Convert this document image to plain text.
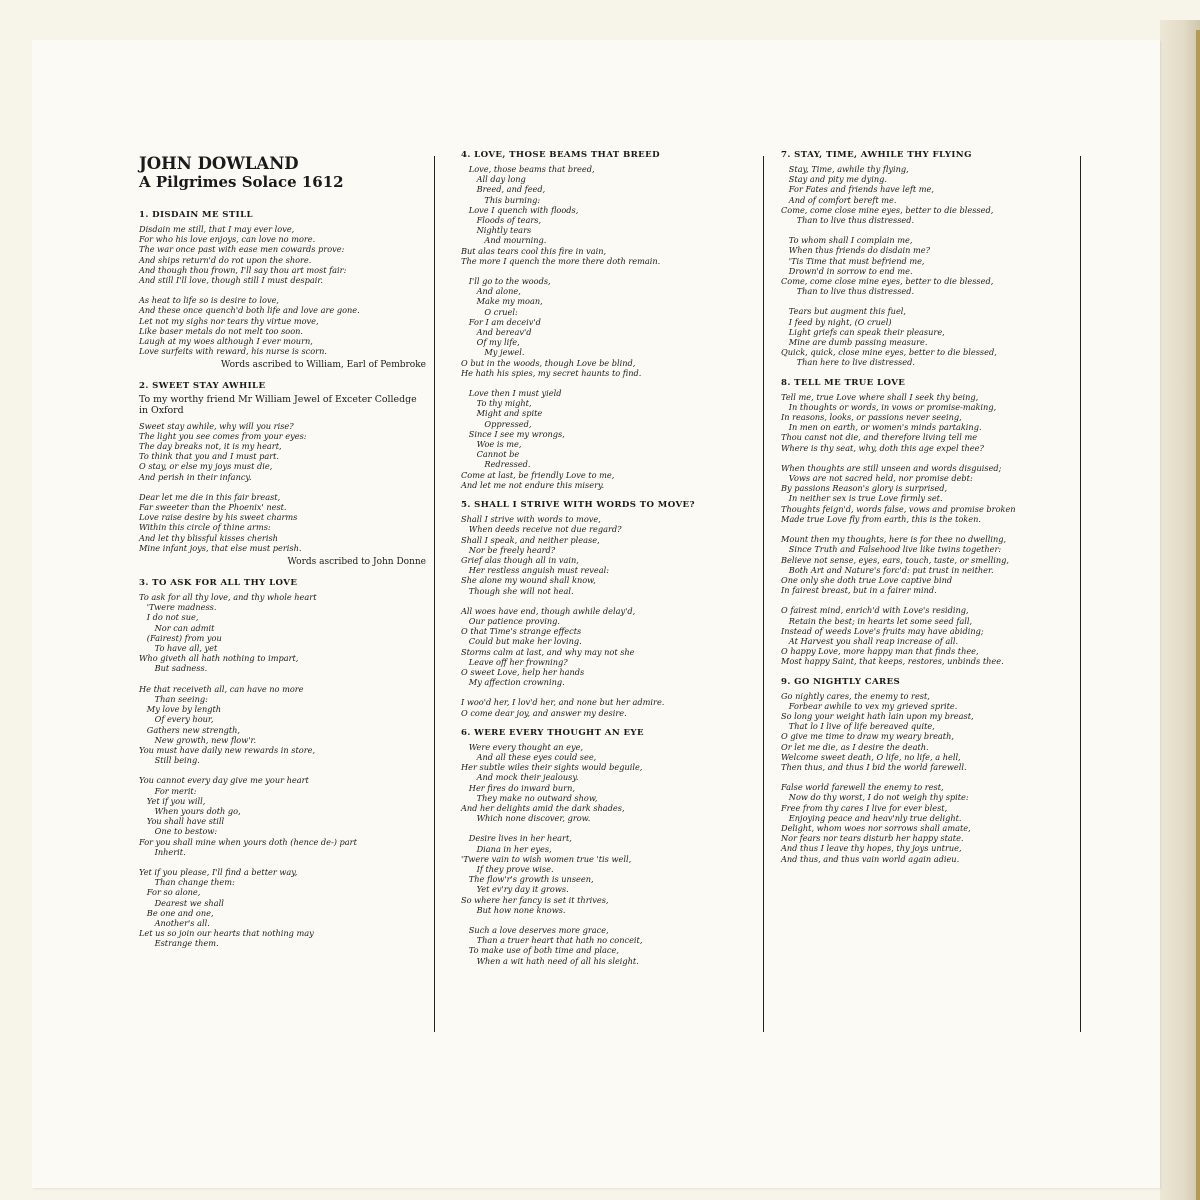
JOHN DOWLAND
A Pilgrimes Solace 1612
1. DISDAIN ME STILL
Disdain me still, that I may ever love,
For who his love enjoys, can love no more.
The war once past with ease men cowards prove:
And ships return'd do rot upon the shore.
And though thou frown, I'll say thou art most fair:
And still I'll love, though still I must despair.
As heat to life so is desire to love,
And these once quench'd both life and love are gone.
Let not my sighs nor tears thy virtue move,
Like baser metals do not melt too soon.
Laugh at my woes although I ever mourn,
Love surfeits with reward, his nurse is scorn.
Words ascribed to William, Earl of Pembroke
2. SWEET STAY AWHILE
To my worthy friend Mr William Jewel of Exceter Colledge in Oxford
Sweet stay awhile, why will you rise?
The light you see comes from your eyes:
The day breaks not, it is my heart,
To think that you and I must part.
O stay, or else my joys must die,
And perish in their infancy.
Dear let me die in this fair breast,
Far sweeter than the Phoenix' nest.
Love raise desire by his sweet charms
Within this circle of thine arms:
And let thy blissful kisses cherish
Mine infant joys, that else must perish.
Words ascribed to John Donne
3. TO ASK FOR ALL THY LOVE
To ask for all thy love, and thy whole heart
'Twere madness.
I do not sue,
Nor can admit
(Fairest) from you
To have all, yet
Who giveth all hath nothing to impart,
But sadness.
He that receiveth all, can have no more
Than seeing:
My love by length
Of every hour,
Gathers new strength,
New growth, new flow'r.
You must have daily new rewards in store,
Still being.
You cannot every day give me your heart
For merit:
Yet if you will,
When yours doth go,
You shall have still
One to bestow:
For you shall mine when yours doth (hence de-) part
Inherit.
Yet if you please, I'll find a better way,
Than change them:
For so alone,
Dearest we shall
Be one and one,
Another's all.
Let us so join our hearts that nothing may
Estrange them.
4. LOVE, THOSE BEAMS THAT BREED
Love, those beams that breed,
All day long
Breed, and feed,
This burning:
Love I quench with floods,
Floods of tears,
Nightly tears
And mourning.
But alas tears cool this fire in vain,
The more I quench the more there doth remain.
I'll go to the woods,
And alone,
Make my moan,
O cruel:
For I am deceiv'd
And bereav'd
Of my life,
My jewel.
O but in the woods, though Love be blind,
He hath his spies, my secret haunts to find.
Love then I must yield
To thy might,
Might and spite
Oppressed,
Since I see my wrongs,
Woe is me,
Cannot be
Redressed.
Come at last, be friendly Love to me,
And let me not endure this misery.
5. SHALL I STRIVE WITH WORDS TO MOVE?
Shall I strive with words to move,
When deeds receive not due regard?
Shall I speak, and neither please,
Nor be freely heard?
Grief alas though all in vain,
Her restless anguish must reveal:
She alone my wound shall know,
Though she will not heal.
All woes have end, though awhile delay'd,
Our patience proving.
O that Time's strange effects
Could but make her loving.
Storms calm at last, and why may not she
Leave off her frowning?
O sweet Love, help her hands
My affection crowning.
I woo'd her, I lov'd her, and none but her admire.
O come dear joy, and answer my desire.
6. WERE EVERY THOUGHT AN EYE
Were every thought an eye,
And all these eyes could see,
Her subtle wiles their sights would beguile,
And mock their jealousy.
Her fires do inward burn,
They make no outward show,
And her delights amid the dark shades,
Which none discover, grow.
Desire lives in her heart,
Diana in her eyes,
'Twere vain to wish women true 'tis well,
If they prove wise.
The flow'r's growth is unseen,
Yet ev'ry day it grows.
So where her fancy is set it thrives,
But how none knows.
Such a love deserves more grace,
Than a truer heart that hath no conceit,
To make use of both time and place,
When a wit hath need of all his sleight.
7. STAY, TIME, AWHILE THY FLYING
Stay, Time, awhile thy flying,
Stay and pity me dying.
For Fates and friends have left me,
And of comfort bereft me.
Come, come close mine eyes, better to die blessed,
Than to live thus distressed.
To whom shall I complain me,
When thus friends do disdain me?
'Tis Time that must befriend me,
Drown'd in sorrow to end me.
Come, come close mine eyes, better to die blessed,
Than to live thus distressed.
Tears but augment this fuel,
I feed by night, (O cruel)
Light griefs can speak their pleasure,
Mine are dumb passing measure.
Quick, quick, close mine eyes, better to die blessed,
Than here to live distressed.
8. TELL ME TRUE LOVE
Tell me, true Love where shall I seek thy being,
In thoughts or words, in vows or promise-making,
In reasons, looks, or passions never seeing,
In men on earth, or women's minds partaking.
Thou canst not die, and therefore living tell me
Where is thy seat, why, doth this age expel thee?
When thoughts are still unseen and words disguised;
Vows are not sacred held, nor promise debt:
By passions Reason's glory is surprised,
In neither sex is true Love firmly set.
Thoughts feign'd, words false, vows and promise broken
Made true Love fly from earth, this is the token.
Mount then my thoughts, here is for thee no dwelling,
Since Truth and Falsehood live like twins together:
Believe not sense, eyes, ears, touch, taste, or smelling,
Both Art and Nature's forc'd: put trust in neither.
One only she doth true Love captive bind
In fairest breast, but in a fairer mind.
O fairest mind, enrich'd with Love's residing,
Retain the best; in hearts let some seed fall,
Instead of weeds Love's fruits may have abiding;
At Harvest you shall reap increase of all.
O happy Love, more happy man that finds thee,
Most happy Saint, that keeps, restores, unbinds thee.
9. GO NIGHTLY CARES
Go nightly cares, the enemy to rest,
Forbear awhile to vex my grieved sprite.
So long your weight hath lain upon my breast,
That lo I live of life bereaved quite,
O give me time to draw my weary breath,
Or let me die, as I desire the death.
Welcome sweet death, O life, no life, a hell,
Then thus, and thus I bid the world farewell.
False world farewell the enemy to rest,
Now do thy worst, I do not weigh thy spite:
Free from thy cares I live for ever blest,
Enjoying peace and heav'nly true delight.
Delight, whom woes nor sorrows shall amate,
Nor fears nor tears disturb her happy state.
And thus I leave thy hopes, thy joys untrue,
And thus, and thus vain world again adieu.
